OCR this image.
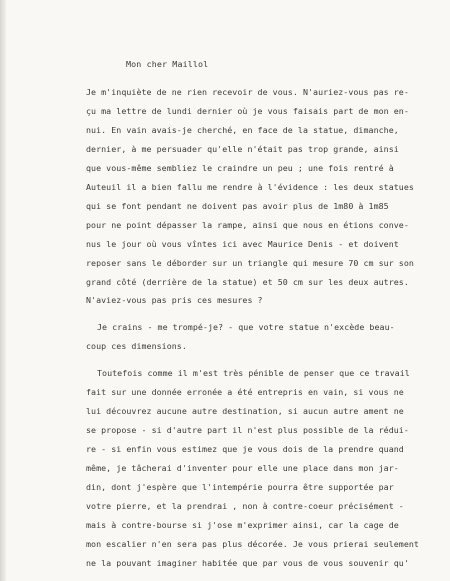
Mon cher Maillol
Je m'inquiète de ne rien recevoir de vous. N'auriez-vous pas re-
çu ma lettre de lundi dernier où je vous faisais part de mon en-
nui. En vain avais-je cherché, en face de la statue, dimanche,
dernier, à me persuader qu'elle n'était pas trop grande, ainsi
que vous-même sembliez le craindre un peu ; une fois rentré à
Auteuil il a bien fallu me rendre à l'évidence : les deux statues
qui se font pendant ne doivent pas avoir plus de 1m80 à 1m85
pour ne point dépasser la rampe, ainsi que nous en étions conve-
nus le jour où vous vîntes ici avec Maurice Denis - et doivent
reposer sans le déborder sur un triangle qui mesure 70 cm sur son
grand côté (derrière de la statue) et 50 cm sur les deux autres.
N'aviez-vous pas pris ces mesures ?
Je crains - me trompé-je? - que votre statue n'excède beau-
coup ces dimensions.
Toutefois comme il m'est très pénible de penser que ce travail
fait sur une donnée erronée a été entrepris en vain, si vous ne
lui découvrez aucune autre destination, si aucun autre ament ne
se propose - si d'autre part il n'est plus possible de la rédui-
re - si enfin vous estimez que je vous dois de la prendre quand
même, je tâcherai d'inventer pour elle une place dans mon jar-
din, dont j'espère que l'intempérie pourra être supportée par
votre pierre, et la prendrai , non à contre-coeur précisément -
mais à contre-bourse si j'ose m'exprimer ainsi, car la cage de
mon escalier n'en sera pas plus décorée. Je vous prierai seulement
ne la pouvant imaginer habitée que par vous de vous souvenir qu'
